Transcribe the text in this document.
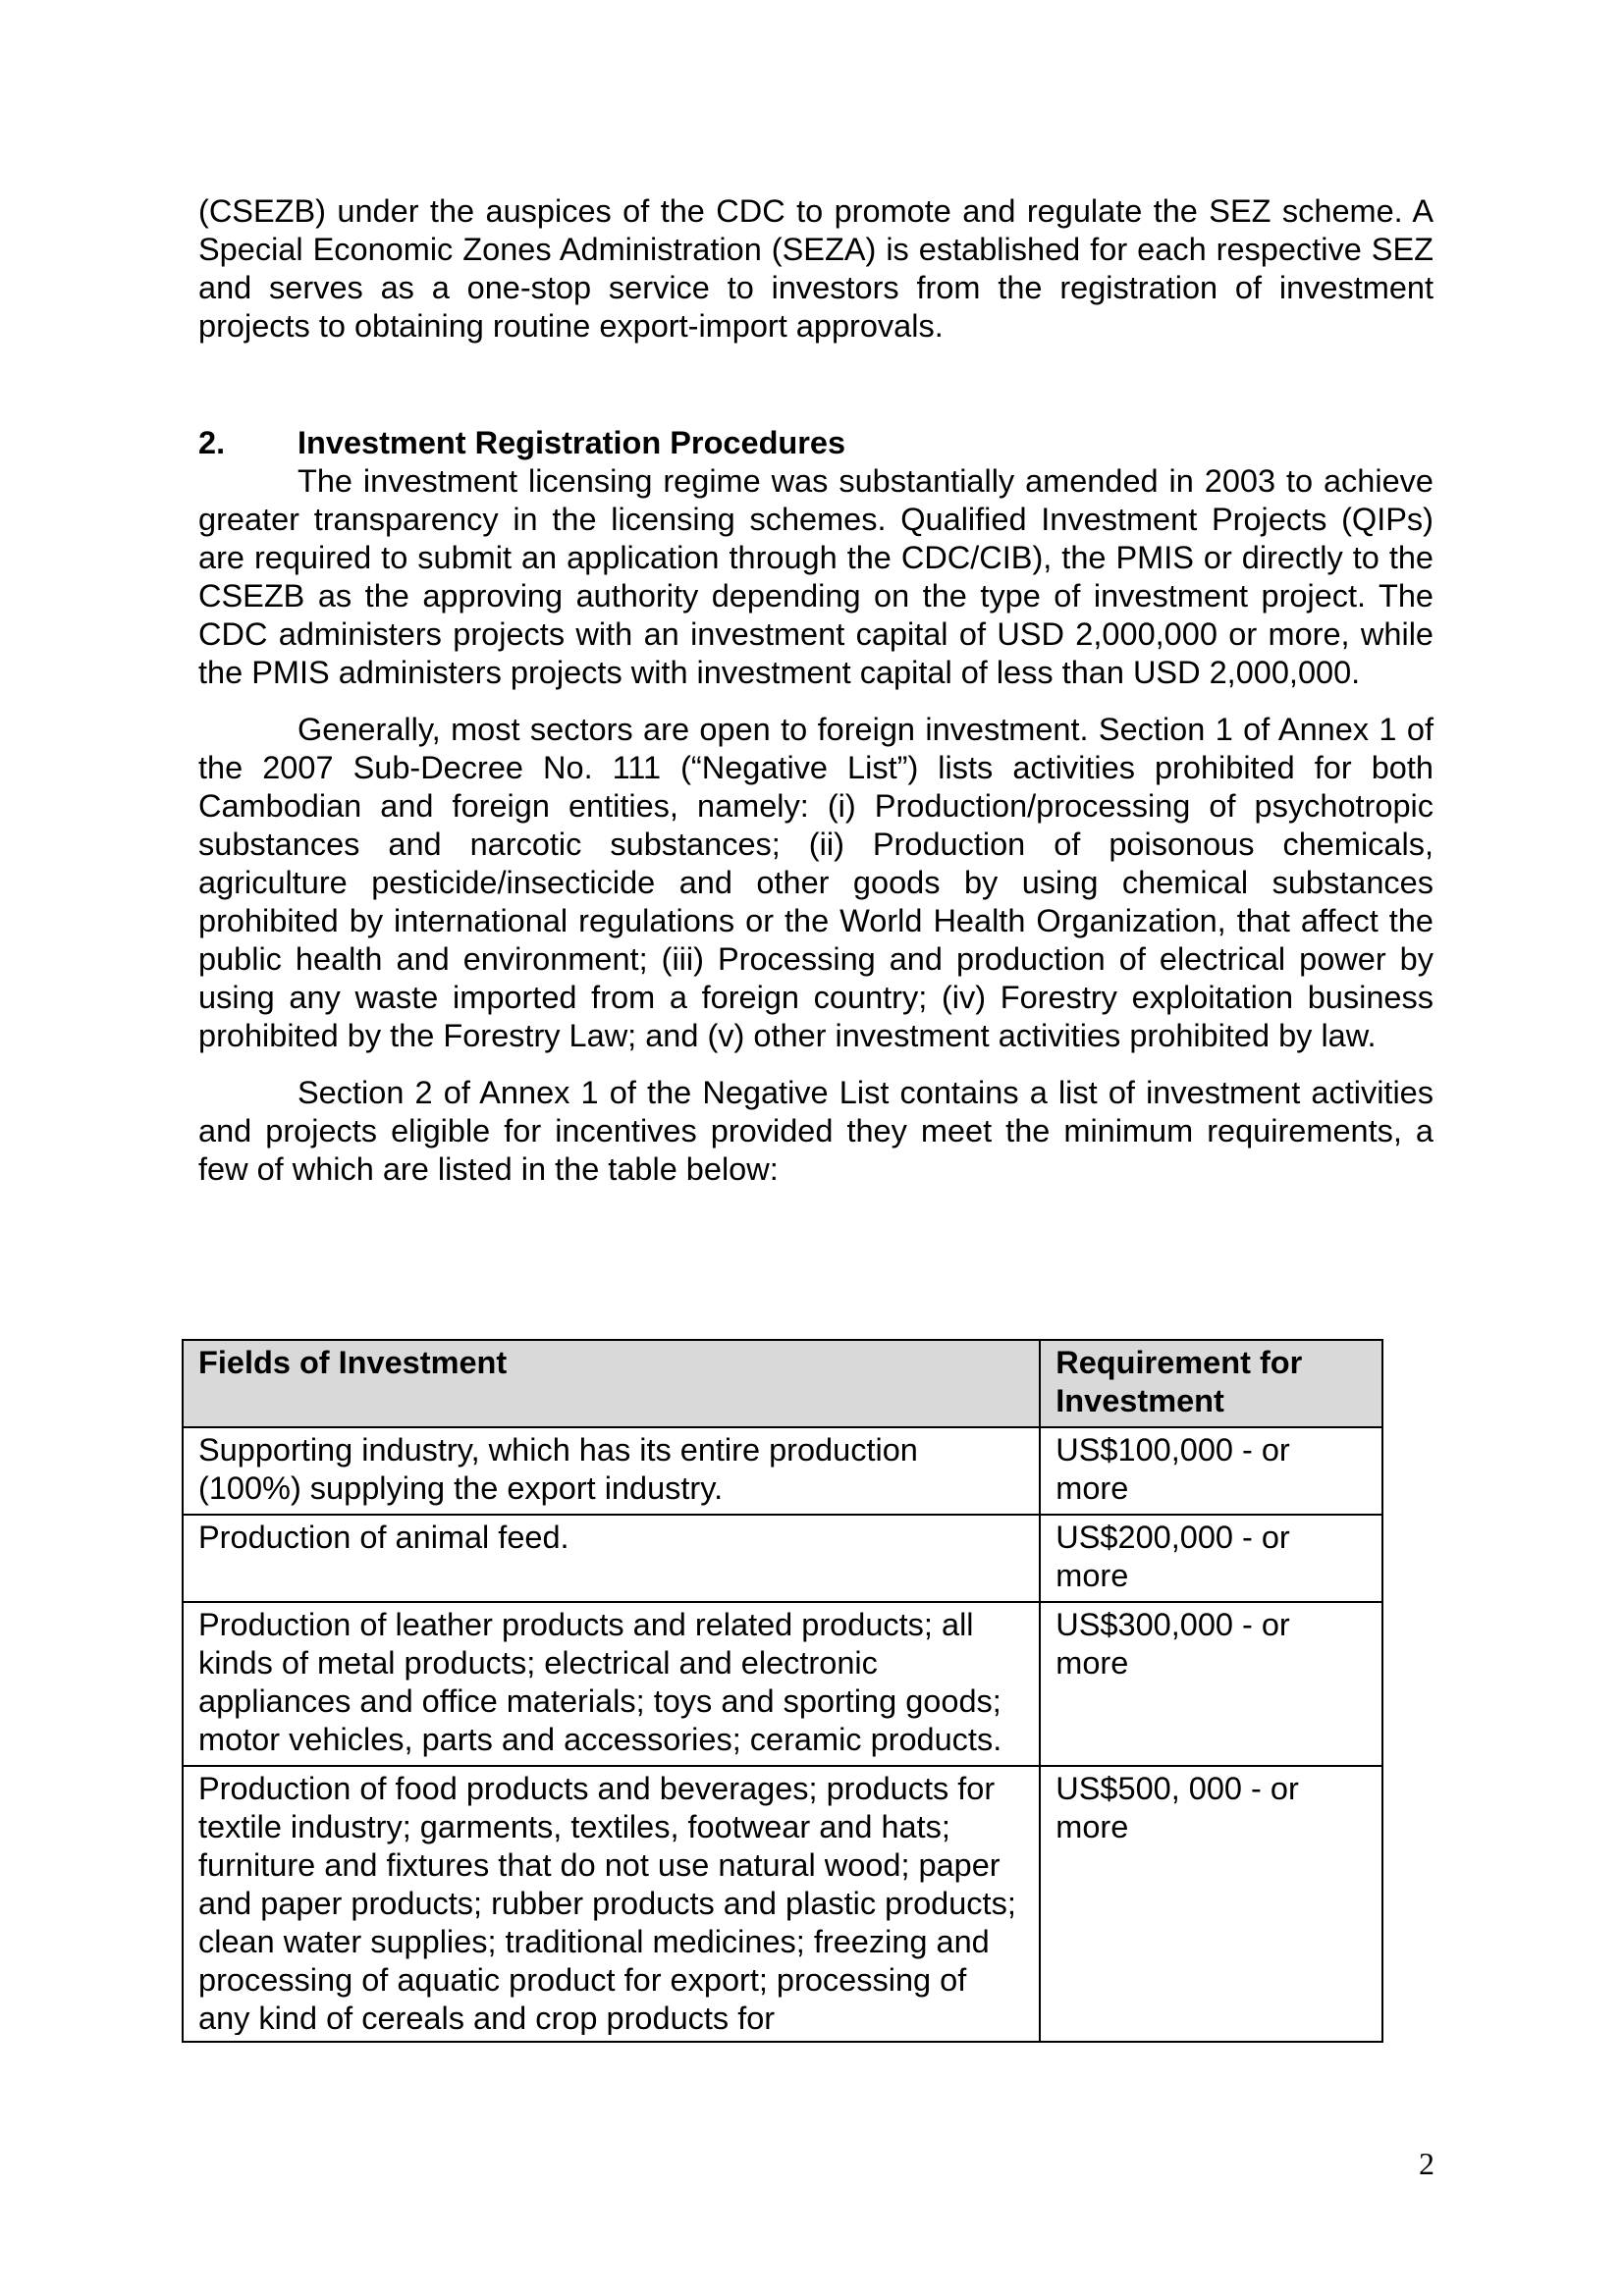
(CSEZB) under the auspices of the CDC to promote and regulate the SEZ scheme. A Special Economic Zones Administration (SEZA) is established for each respective SEZ and serves as a one-stop service to investors from the registration of investment projects to obtaining routine export-import approvals.

2.	Investment Registration Procedures

The investment licensing regime was substantially amended in 2003 to achieve greater transparency in the licensing schemes. Qualified Investment Projects (QIPs) are required to submit an application through the CDC/CIB), the PMIS or directly to the CSEZB as the approving authority depending on the type of investment project. The CDC administers projects with an investment capital of USD 2,000,000 or more, while the PMIS administers projects with investment capital of less than USD 2,000,000.

Generally, most sectors are open to foreign investment. Section 1 of Annex 1 of the 2007 Sub-Decree No. 111 (“Negative List”) lists activities prohibited for both Cambodian and foreign entities, namely: (i) Production/processing of psychotropic substances and narcotic substances; (ii) Production of poisonous chemicals, agriculture pesticide/insecticide and other goods by using chemical substances prohibited by international regulations or the World Health Organization, that affect the public health and environment; (iii) Processing and production of electrical power by using any waste imported from a foreign country; (iv) Forestry exploitation business prohibited by the Forestry Law; and (v) other investment activities prohibited by law.

Section 2 of Annex 1 of the Negative List contains a list of investment activities and projects eligible for incentives provided they meet the minimum requirements, a few of which are listed in the table below:

Fields of Investment	Requirement for Investment
Supporting industry, which has its entire production (100%) supplying the export industry.	US$100,000 - or more
Production of animal feed.	US$200,000 - or more
Production of leather products and related products; all kinds of metal products; electrical and electronic appliances and office materials; toys and sporting goods; motor vehicles, parts and accessories; ceramic products.	US$300,000 - or more

Production of food products and beverages; products for textile industry; garments, textiles, footwear and hats; furniture and fixtures that do not use natural wood; paper and paper products; rubber products and plastic products; clean water supplies; traditional medicines; freezing and processing of aquatic product for export; processing of any kind of cereals and crop products for	US$500, 000 - or more
2
